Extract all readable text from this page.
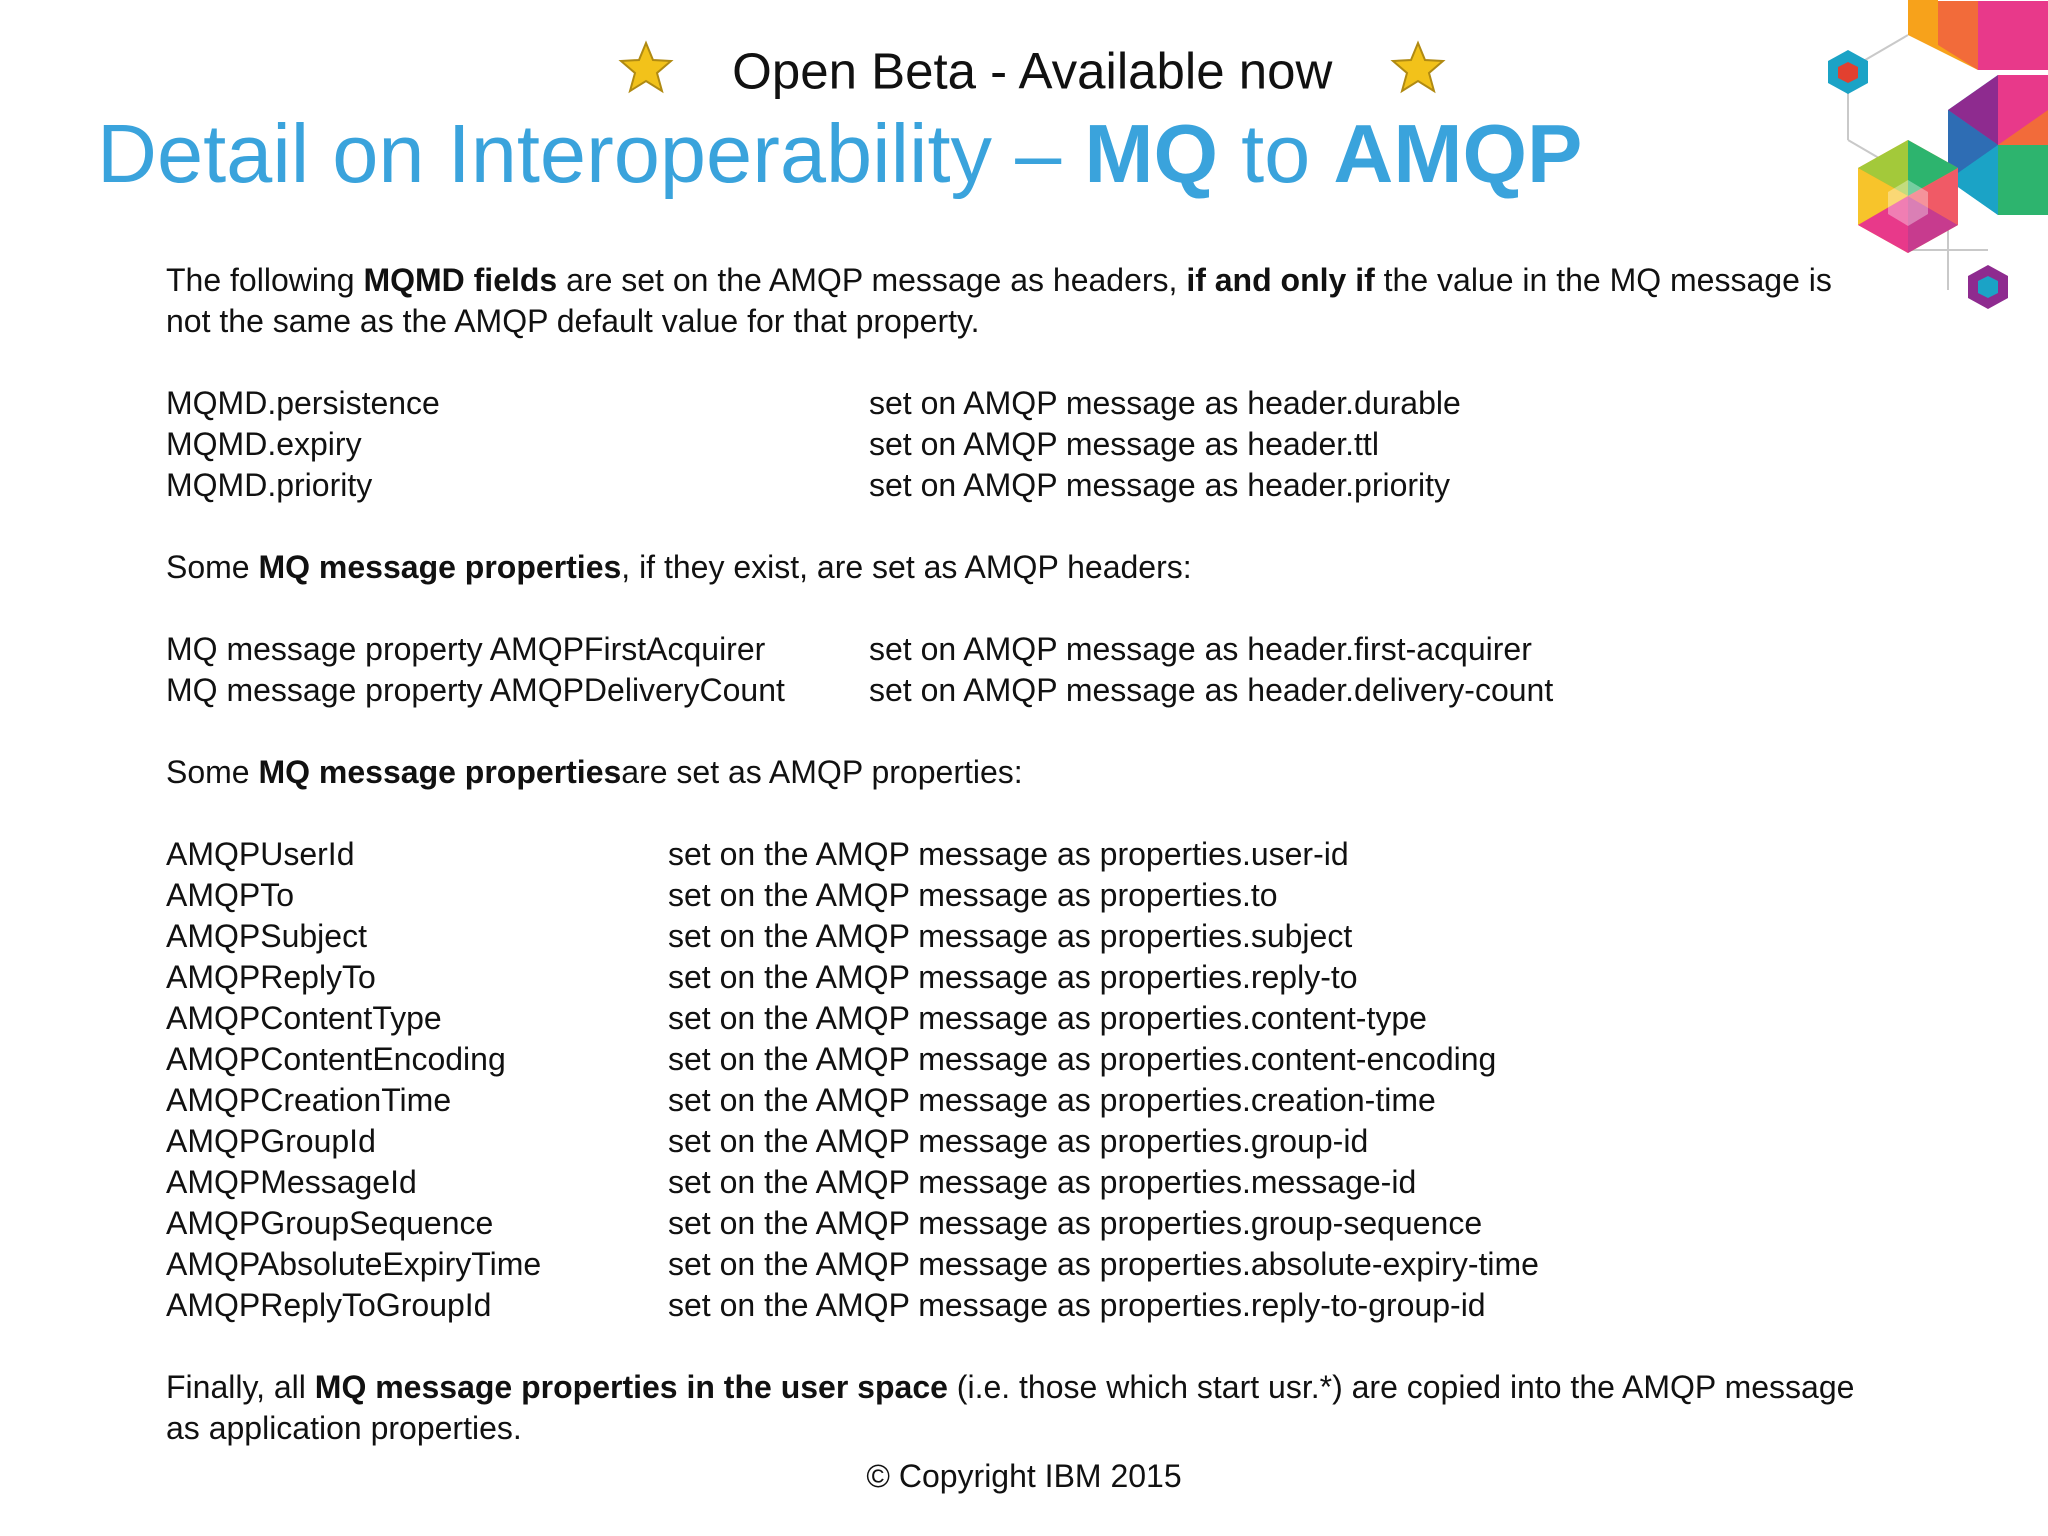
Open Beta - Available now
Detail on Interoperability – MQ to AMQP

The following MQMD fields are set on the AMQP message as headers, if and only if the value in the MQ message is not the same as the AMQP default value for that property.

MQMD.persistence	set on AMQP message as header.durable
MQMD.expiry	set on AMQP message as header.ttl
MQMD.priority	set on AMQP message as header.priority

Some MQ message properties, if they exist, are set as AMQP headers:

MQ message property AMQPFirstAcquirer	set on AMQP message as header.first-acquirer
MQ message property AMQPDeliveryCount	set on AMQP message as header.delivery-count

Some MQ message propertiesare set as AMQP properties:

AMQPUserId	set on the AMQP message as properties.user-id
AMQPTo	set on the AMQP message as properties.to
AMQPSubject	set on the AMQP message as properties.subject
AMQPReplyTo	set on the AMQP message as properties.reply-to
AMQPContentType	set on the AMQP message as properties.content-type
AMQPContentEncoding	set on the AMQP message as properties.content-encoding
AMQPCreationTime	set on the AMQP message as properties.creation-time
AMQPGroupId	set on the AMQP message as properties.group-id
AMQPMessageId	set on the AMQP message as properties.message-id
AMQPGroupSequence	set on the AMQP message as properties.group-sequence
AMQPAbsoluteExpiryTime	set on the AMQP message as properties.absolute-expiry-time
AMQPReplyToGroupId	set on the AMQP message as properties.reply-to-group-id

Finally, all MQ message properties in the user space (i.e. those which start usr.*) are copied into the AMQP message as application properties.

© Copyright IBM 2015
